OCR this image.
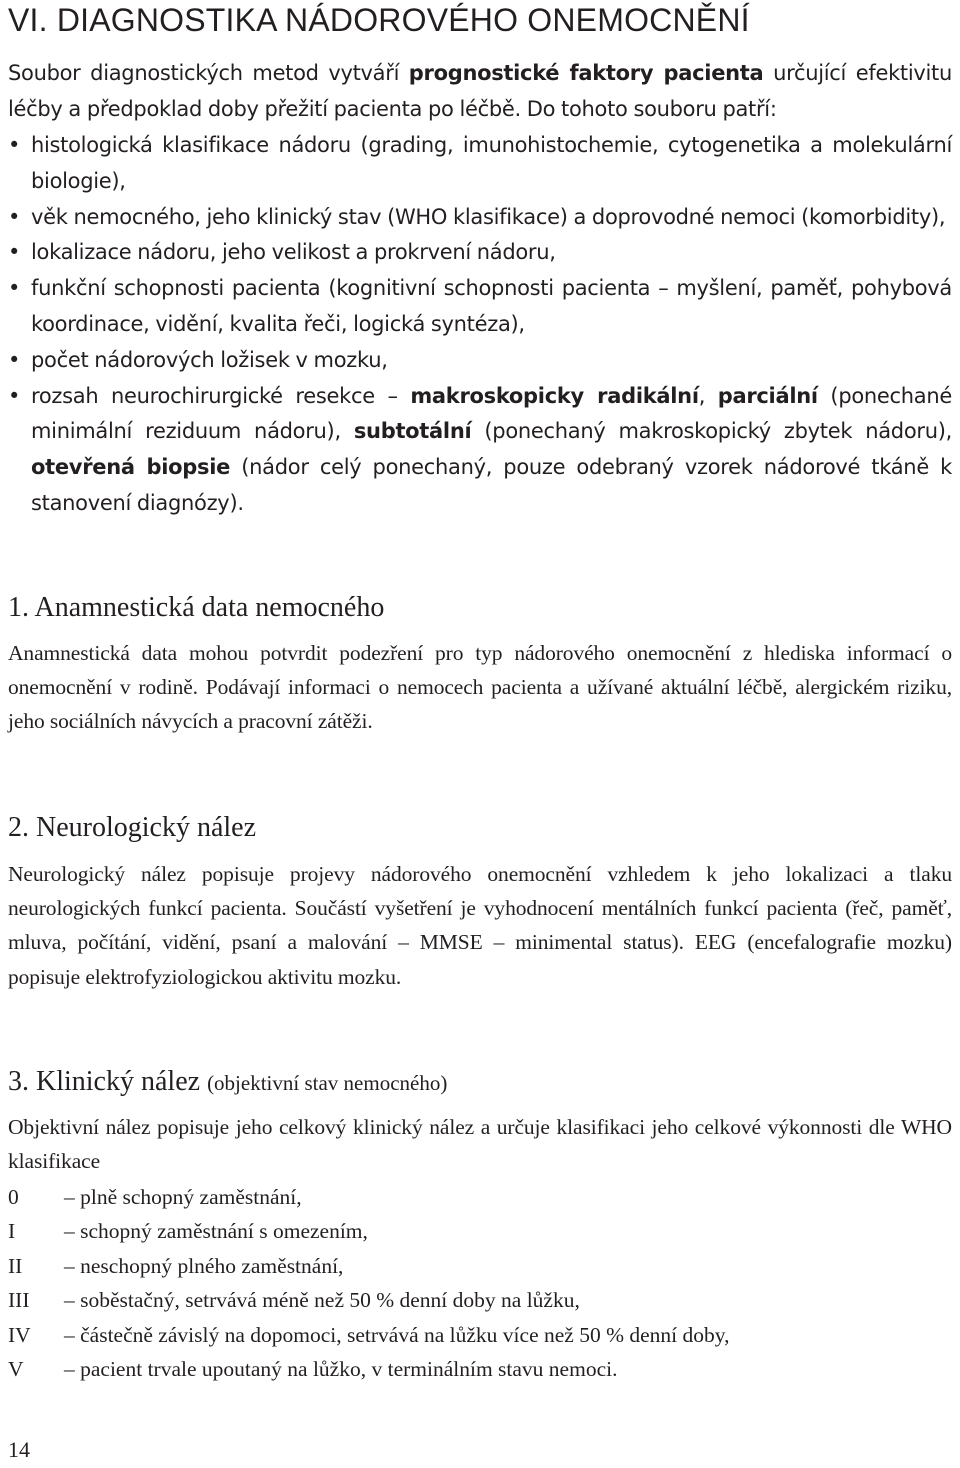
VI. DIAGNOSTIKA NÁDOROVÉHO ONEMOCNĚNÍ

Soubor diagnostických metod vytváří prognostické faktory pacienta určující efektivitu léčby a předpoklad doby přežití pacienta po léčbě. Do tohoto souboru patří:

• histologická klasifikace nádoru (grading, imunohistochemie, cytogenetika a molekulární biologie),
• věk nemocného, jeho klinický stav (WHO klasifikace) a doprovodné nemoci (komorbidity),
• lokalizace nádoru, jeho velikost a prokrvení nádoru,
• funkční schopnosti pacienta (kognitivní schopnosti pacienta – myšlení, paměť, pohybová koordinace, vidění, kvalita řeči, logická syntéza),
• počet nádorových ložisek v mozku,
• rozsah neurochirurgické resekce – makroskopicky radikální, parciální (ponechané minimální reziduum nádoru), subtotální (ponechaný makroskopický zbytek nádoru), otevřená biopsie (nádor celý ponechaný, pouze odebraný vzorek nádorové tkáně k stanovení diagnózy).
1. Anamnestická data nemocného

Anamnestická data mohou potvrdit podezření pro typ nádorového onemocnění z hlediska informací o onemocnění v rodině. Podávají informaci o nemocech pacienta a užívané aktuální léčbě, alergickém riziku, jeho sociálních návycích a pracovní zátěži.

2. Neurologický nález

Neurologický nález popisuje projevy nádorového onemocnění vzhledem k jeho lokalizaci a tlaku neurologických funkcí pacienta. Součástí vyšetření je vyhodnocení mentálních funkcí pacienta (řeč, paměť, mluva, počítání, vidění, psaní a malování – MMSE – minimental status). EEG (encefalografie mozku) popisuje elektrofyziologickou aktivitu mozku.

3. Klinický nález (objektivní stav nemocného)

Objektivní nález popisuje jeho celkový klinický nález a určuje klasifikaci jeho celkové výkonnosti dle WHO klasifikace

0 – plně schopný zaměstnání,
I – schopný zaměstnání s omezením,
II – neschopný plného zaměstnání,
III – soběstačný, setrvává méně než 50 % denní doby na lůžku,
IV – částečně závislý na dopomoci, setrvává na lůžku více než 50 % denní doby,
V – pacient trvale upoutaný na lůžko, v terminálním stavu nemoci.
14
